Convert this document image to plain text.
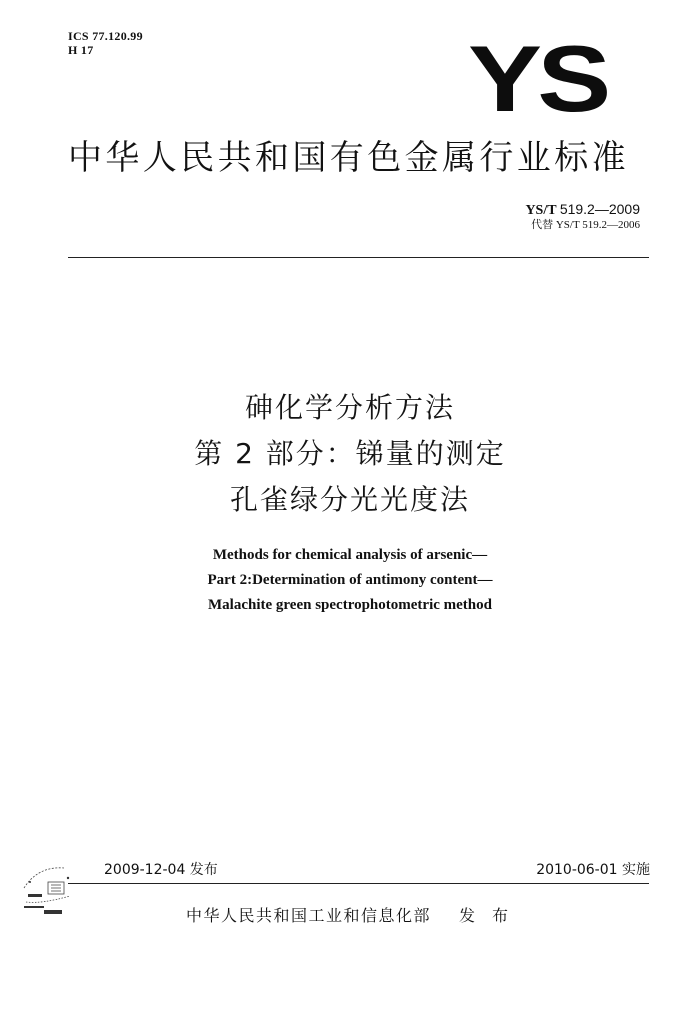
ICS 77.120.99
H 17	YS
中华人民共和国有色金属行业标准
YS/T 519.2—2009
代替 YS/T 519.2—2006
砷化学分析方法
第 2 部分：锑量的测定
孔雀绿分光光度法
Methods for chemical analysis of arsenic—
Part 2:Determination of antimony content—
Malachite green spectrophotometric method
2009-12-04 发布	2010-06-01 实施
中华人民共和国工业和信息化部 发 布
